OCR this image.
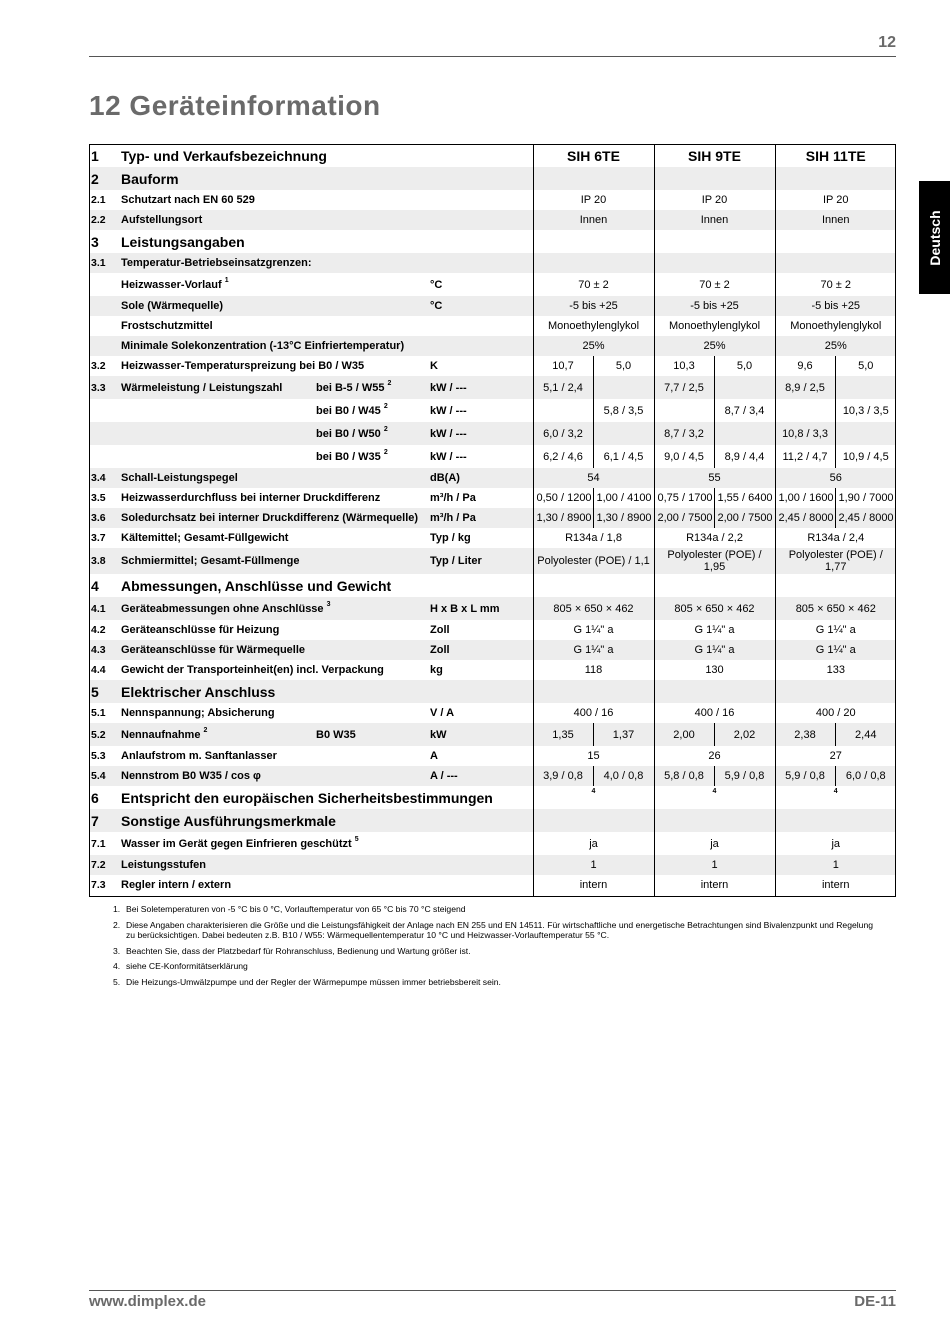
12
12 Geräteinformation
Deutsch
1	Typ- und Verkaufsbezeichnung			SIH 6TE		SIH 9TE		SIH 11TE	
2	Bauform								
2.1	Schutzart nach EN 60 529			IP 20		IP 20		IP 20	
2.2	Aufstellungsort			Innen		Innen		Innen	
3	Leistungsangaben								
3.1	Temperatur-Betriebseinsatzgrenzen:								
	Heizwasser-Vorlauf $^1$		°C	70 ± 2		70 ± 2		70 ± 2	
	Sole (Wärmequelle)		°C	-5 bis +25		-5 bis +25		-5 bis +25	
	Frostschutzmittel			Monoethylenglykol		Monoethylenglykol		Monoethylenglykol	
	Minimale Solekonzentration (-13°C Einfriertemperatur)			25%		25%		25%	
3.2	Heizwasser-Temperaturspreizung bei B0 / W35		K	10,7	5,0	10,3	5,0	9,6	5,0
3.3	Wärmeleistung / Leistungszahl	bei B-5 / W55 $^2$	kW / ---	5,1 / 2,4		7,7 / 2,5		8,9 / 2,5	
		bei B0 / W45 $^2$	kW / ---		5,8 / 3,5		8,7 / 3,4		10,3 / 3,5
		bei B0 / W50 $^2$	kW / ---	6,0 / 3,2		8,7 / 3,2		10,8 / 3,3	
		bei B0 / W35 $^2$	kW / ---	6,2 / 4,6	6,1 / 4,5	9,0 / 4,5	8,9 / 4,4	11,2 / 4,7	10,9 / 4,5
3.4	Schall-Leistungspegel		dB(A)	54		55		56	
3.5	Heizwasserdurchfluss bei interner Druckdifferenz		m³/h / Pa	0,50 / 1200	1,00 / 4100	0,75 / 1700	1,55 / 6400	1,00 / 1600	1,90 / 7000
3.6	Soledurchsatz bei interner Druckdifferenz (Wärmequelle)		m³/h / Pa	1,30 / 8900	1,30 / 8900	2,00 / 7500	2,00 / 7500	2,45 / 8000	2,45 / 8000
3.7	Kältemittel; Gesamt-Füllgewicht		Typ / kg	R134a / 1,8		R134a / 2,2		R134a / 2,4	
3.8	Schmiermittel; Gesamt-Füllmenge		Typ / Liter	Polyolester (POE) / 1,1		Polyolester (POE) / 1,95		Polyolester (POE) / 1,77	
4	Abmessungen, Anschlüsse und Gewicht								
4.1	Geräteabmessungen ohne Anschlüsse $^3$		H x B x L mm	805 × 650 × 462		805 × 650 × 462		805 × 650 × 462	
4.2	Geräteanschlüsse für Heizung		Zoll	G 1¼" a		G 1¼" a		G 1¼" a	
4.3	Geräteanschlüsse für Wärmequelle		Zoll	G 1¼" a		G 1¼" a		G 1¼" a	
4.4	Gewicht der Transporteinheit(en) incl. Verpackung		kg	118		130		133	
5	Elektrischer Anschluss								
5.1	Nennspannung; Absicherung		V / A	400 / 16		400 / 16		400 / 20	
5.2	Nennaufnahme $^2$	B0 W35	kW	1,35	1,37	2,00	2,02	2,38	2,44
5.3	Anlaufstrom m. Sanftanlasser		A	15		26		27	
5.4	Nennstrom B0 W35 / cos φ		A / ---	3,9 / 0,8	4,0 / 0,8	5,8 / 0,8	5,9 / 0,8	5,9 / 0,8	6,0 / 0,8
6	Entspricht den europäischen Sicherheitsbestimmungen			4		4		4	
7	Sonstige Ausführungsmerkmale								
7.1	Wasser im Gerät gegen Einfrieren geschützt $^5$			ja		ja		ja	
7.2	Leistungsstufen			1		1		1	
7.3	Regler intern / extern			intern		intern		intern	
1. Bei Soletemperaturen von -5 °C bis 0 °C, Vorlauftemperatur von 65 °C bis 70 °C steigend
2. Diese Angaben charakterisieren die Größe und die Leistungsfähigkeit der Anlage nach EN 255 und EN 14511. Für wirtschaftliche und energetische Betrachtungen sind Bivalenzpunkt und Regelung zu berücksichtigen. Dabei bedeuten z.B. B10 / W55: Wärmequellentemperatur 10 °C und Heizwasser-Vorlauftemperatur 55 °C.
3. Beachten Sie, dass der Platzbedarf für Rohranschluss, Bedienung und Wartung größer ist.
4. siehe CE-Konformitätserklärung
5. Die Heizungs-Umwälzpumpe und der Regler der Wärmepumpe müssen immer betriebsbereit sein.
www.dimplex.de	DE-11
